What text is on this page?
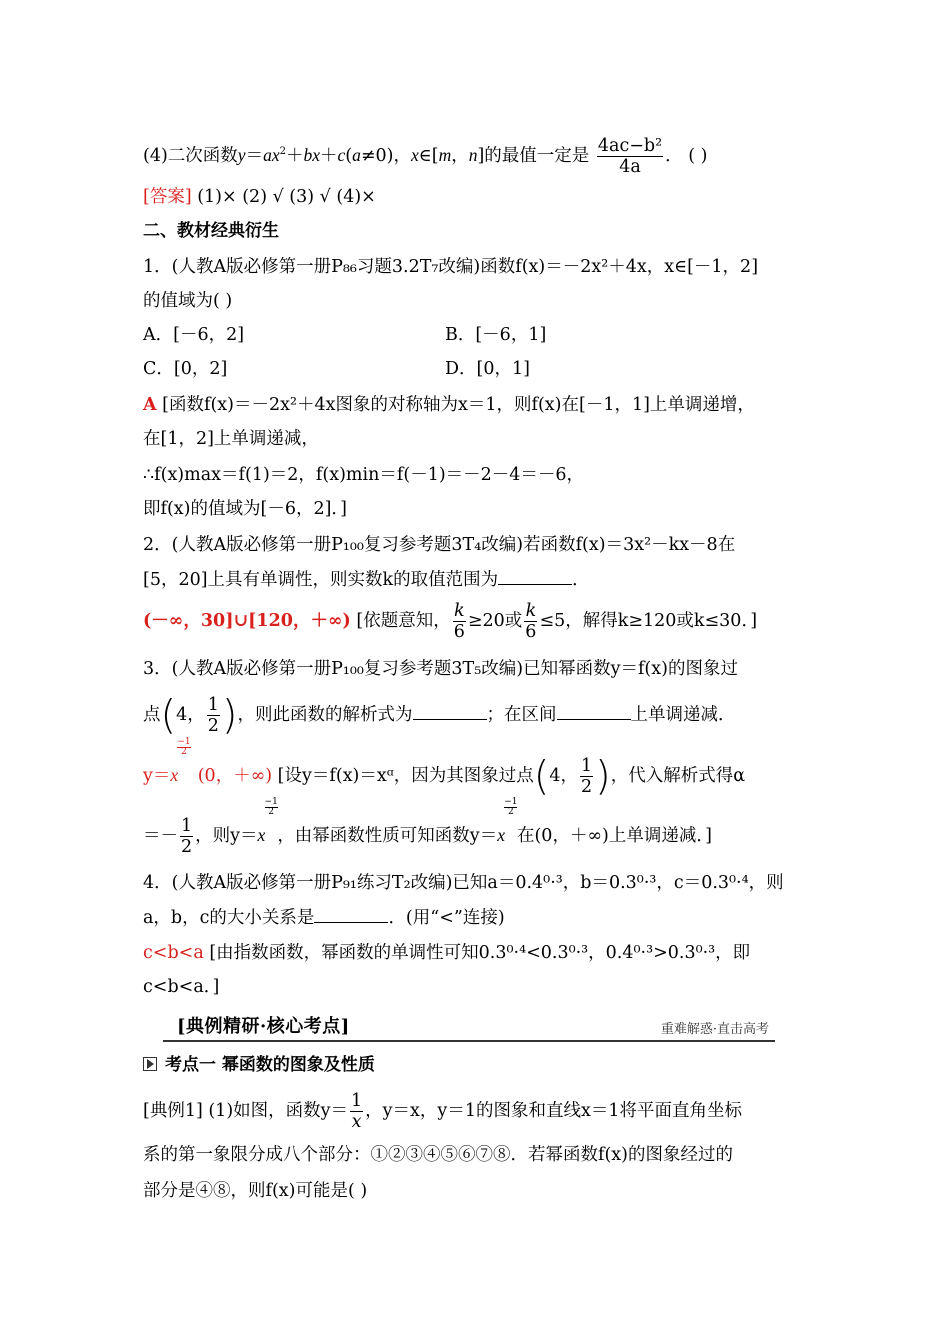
(4)二次函数$y=ax^2+bx+c(a\ne 0)$，x∈[m，n]的最值一定是 $\frac{\text{4ac−b²}}{4a}$ ． ( )
[答案] (1)× (2) √ (3) √ (4)×
二、教材经典衍生
1．(人教A版必修第一册P₈₆习题3.2T₇改编)函数f(x)＝－2x²＋4x，x∈[－1，2]
的值域为( )
A．[－6，2]	B．[－6，1]
C．[0，2]	D．[0，1]
A [函数f(x)＝－2x²＋4x图象的对称轴为x＝1，则f(x)在[－1，1]上单调递增，
在[1，2]上单调递减，
∴f(x)max＝f(1)＝2，f(x)min＝f(－1)＝－2－4＝－6，
即f(x)的值域为[－6，2]．]
2．(人教A版必修第一册P₁₀₀复习参考题3T₄改编)若函数f(x)＝3x²－kx－8在
[5，20]上具有单调性，则实数k的取值范围为	．
(－∞，30]∪[120，＋∞) [依题意知， $\frac{k}{6} \ge 20$或 $\frac{k}{6} \le 5$，解得k≥120或k≤30．]
3．(人教A版必修第一册P₁₀₀复习参考题3T₅改编)已知幂函数y＝f(x)的图象过
点(4， $\frac{1}{2}$ )，则此函数的解析式为	；在区间	上单调递减．
y＝x
−1
2
(0，＋∞) [设y＝f(x)＝xᵅ，因为其图象过点(4， $\frac{1}{2}$ )，代入解析式得α
＝－ $\frac{1}{2}$ ，则y＝x
−1
2
，由幂函数性质可知函数y＝x
−1
2
在(0，＋∞)上单调递减．]
4．(人教A版必修第一册P₉₁练习T₂改编)已知a＝0.4⁰·³，b＝0.3⁰·³，c＝0.3⁰·⁴，则
a，b，c的大小关系是	．(用“<”连接)
c<b<a [由指数函数，幂函数的单调性可知0.3⁰·⁴<0.3⁰·³，0.4⁰·³>0.3⁰·³，即
c<b<a．]
[典例精研·核心考点]	重难解惑·直击高考
考点一 幂函数的图象及性质
[典例1] (1)如图，函数$y= \frac{1}{x}$ ，y＝x，y＝1的图象和直线x＝1将平面直角坐标
系的第一象限分成八个部分：①②③④⑤⑥⑦⑧．若幂函数f(x)的图象经过的
部分是④⑧，则f(x)可能是( )
